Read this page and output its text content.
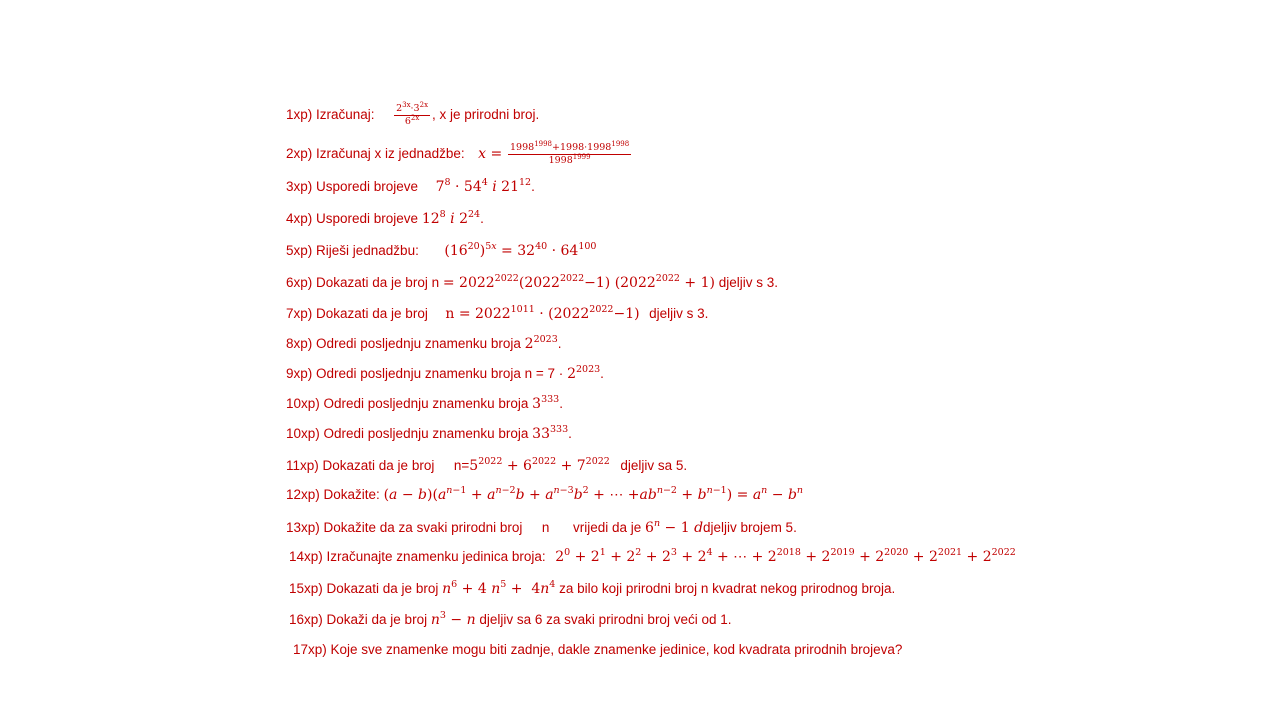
1xp) Izračunaj: $\frac{2^{3x}\cdot 3^{2x}}{6^{2x}}$ , x je prirodni broj.
2xp) Izračunaj x iz jednadžbe: $x = \frac{1998^{1998}+1998\cdot 1998^{1998}}{1998^{1999}}$
3xp) Usporedi brojeve $7^8 \cdot 54^4$ i $21^{12}$.
4xp) Usporedi brojeve $12^8$ i $2^{24}$.
5xp) Riješi jednadžbu: $(16^{20})^{5x} = 32^{40} \cdot 64^{100}$
6xp) Dokazati da je broj $n = 2022^{2022}(2022^{2022}-1) (2022^{2022} + 1)$ djeljiv s 3.
7xp) Dokazati da je broj $n = 2022^{1011} \cdot (2022^{2022}-1)$ djeljiv s 3.
8xp) Odredi posljednju znamenku broja $2^{2023}$.
9xp) Odredi posljednju znamenku broja $n = 7 \cdot 2^{2023}$.
10xp) Odredi posljednju znamenku broja $3^{333}$.
10xp) Odredi posljednju znamenku broja $33^{333}$.
11xp) Dokazati da je broj $n=5^{2022} + 6^{2022} + 7^{2022}$ djeljiv sa 5.
12xp) Dokažite: $(a - b)(a^{n-1} + a^{n-2}b + a^{n-3}b^2$ + ⋯ $+ab^{n-2} + b^{n-1}) = a^n - b^n$
13xp) Dokažite da za svaki prirodni broj n vrijedi da je $6^n - 1$ ddjeljiv brojem 5.
14xp) Izračunajte znamenku jedinica broja: $2^0 + 2^1 + 2^2 + 2^3 + 2^4$ + ⋯ + $2^{2018} + 2^{2019} + 2^{2020} + 2^{2021} + 2^{2022}$
15xp) Dokazati da je broj $n^6 + 4$ $n^5 + 4n^4$ za bilo koji prirodni broj n kvadrat nekog prirodnog broja.
16xp) Dokaži da je broj $n^3 - n$ djeljiv sa 6 za svaki prirodni broj veći od 1.
17xp) Koje sve znamenke mogu biti zadnje, dakle znamenke jedinice, kod kvadrata prirodnih brojeva?
